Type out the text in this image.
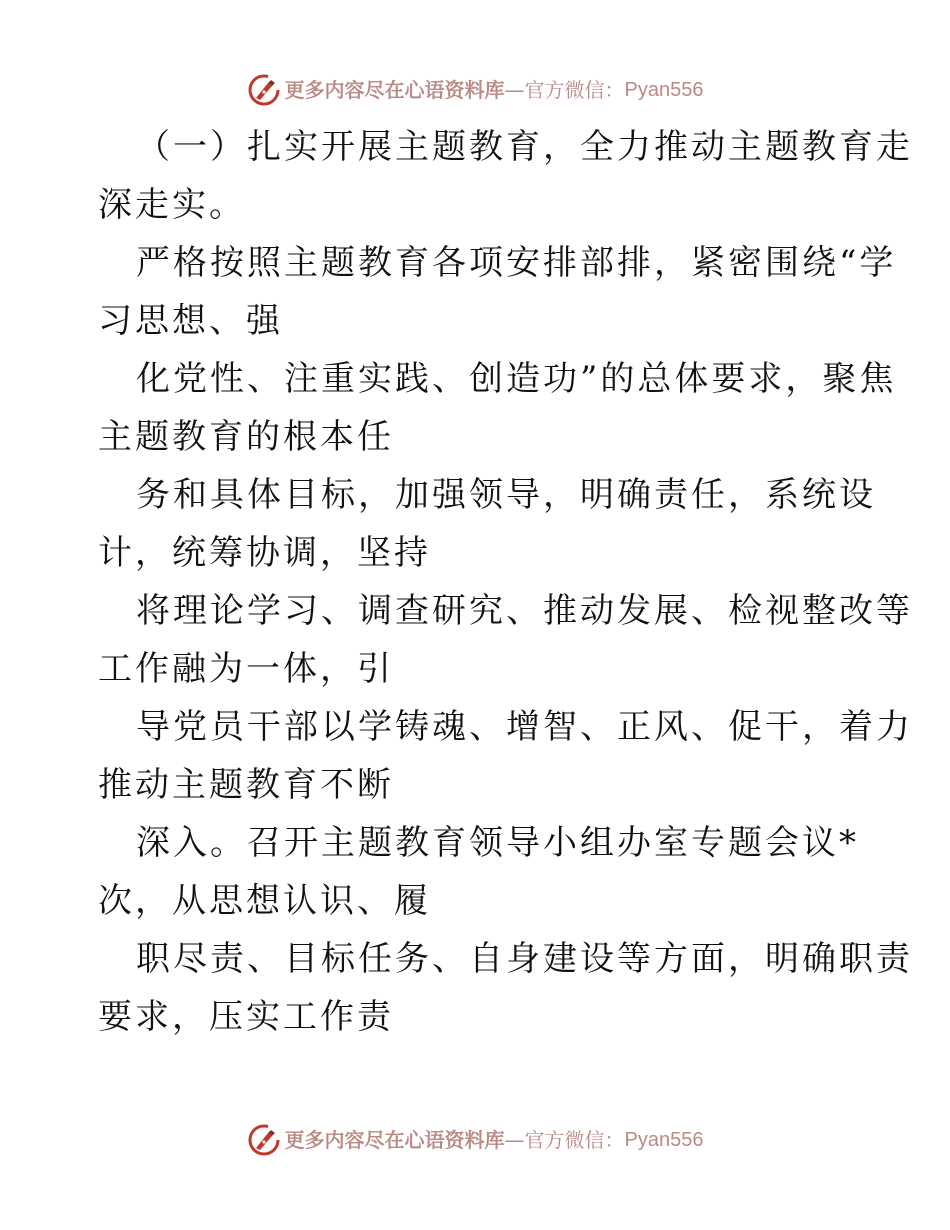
更多内容尽在心语资料库 — 官方微信： Pyan556
（一）扎实开展主题教育，全力推动主题教育走
深走实。
严格按照主题教育各项安排部排，紧密围绕“学
习思想、强
化党性、注重实践、创造功”的总体要求，聚焦
主题教育的根本任
务和具体目标，加强领导，明确责任，系统设
计，统筹协调，坚持
将理论学习、调查研究、推动发展、检视整改等
工作融为一体，引
导党员干部以学铸魂、增智、正风、促干，着力
推动主题教育不断
深入。召开主题教育领导小组办室专题会议*
次，从思想认识、履
职尽责、目标任务、自身建设等方面，明确职责
要求，压实工作责
更多内容尽在心语资料库 — 官方微信： Pyan556
